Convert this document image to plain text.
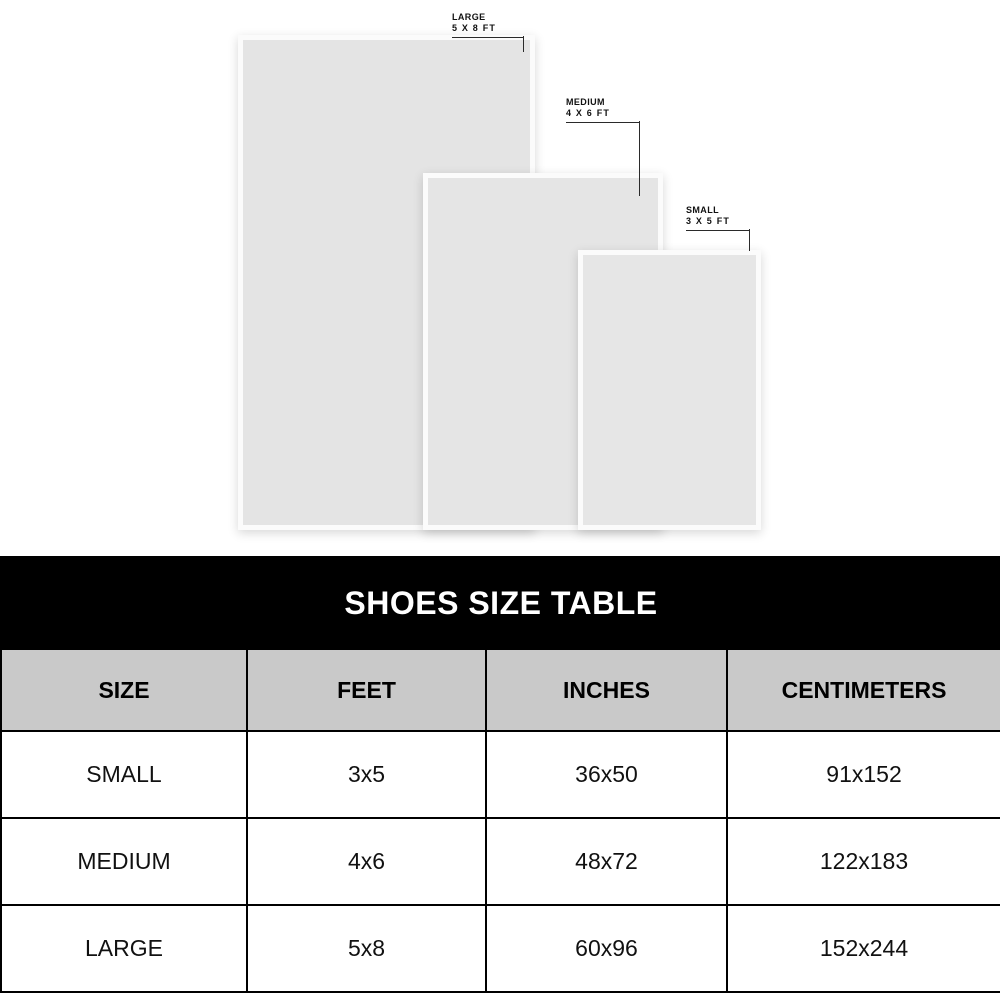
LARGE
5 X 8 FT
MEDIUM
4 X 6 FT
SMALL
3 X 5 FT
SHOES SIZE TABLE			
SIZE	FEET	INCHES	CENTIMETERS
SMALL	3x5	36x50	91x152
MEDIUM	4x6	48x72	122x183
LARGE	5x8	60x96	152x244
